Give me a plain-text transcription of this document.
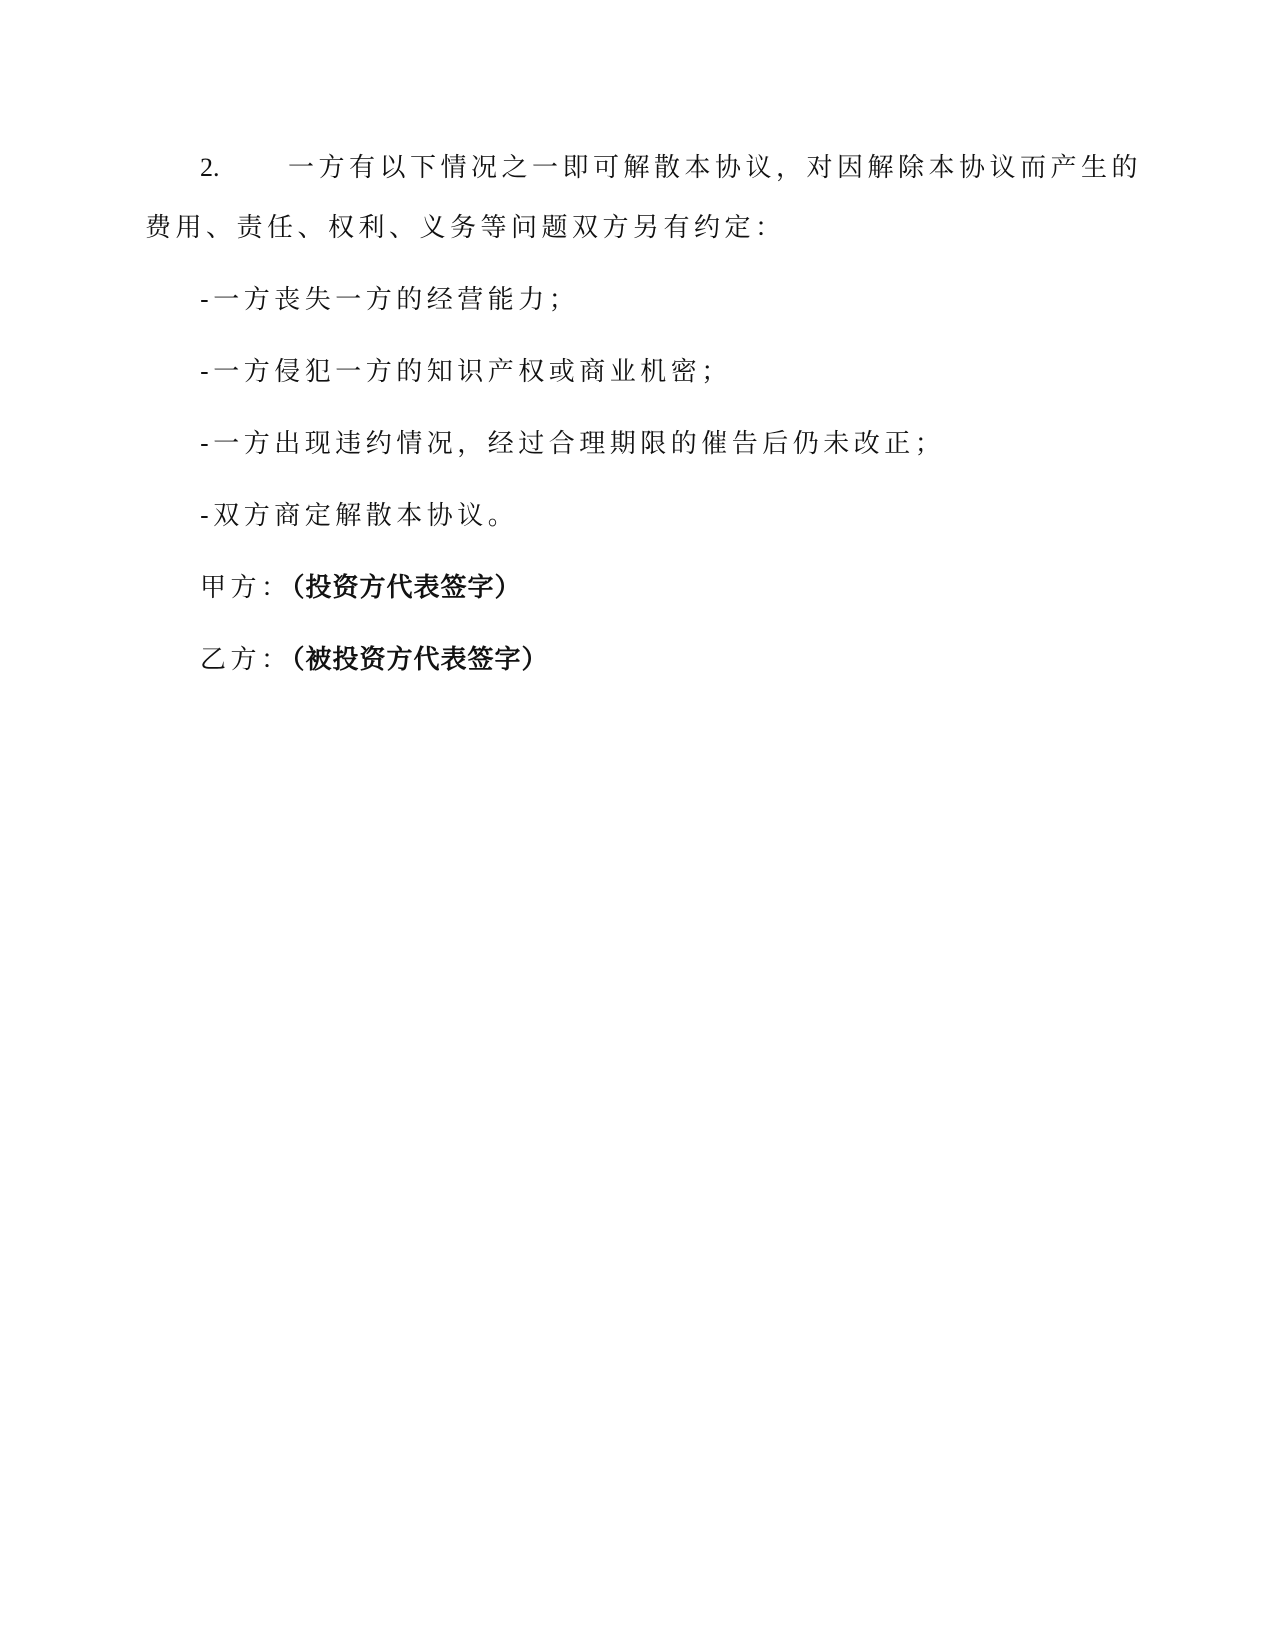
2.	一方有以下情况之一即可解散本协议，对因解除本协议而产生的
费用、责任、权利、义务等问题双方另有约定：
-一方丧失一方的经营能力；
-一方侵犯一方的知识产权或商业机密；
-一方出现违约情况，经过合理期限的催告后仍未改正；
-双方商定解散本协议。
甲方：（投资方代表签字）
乙方：（被投资方代表签字）
